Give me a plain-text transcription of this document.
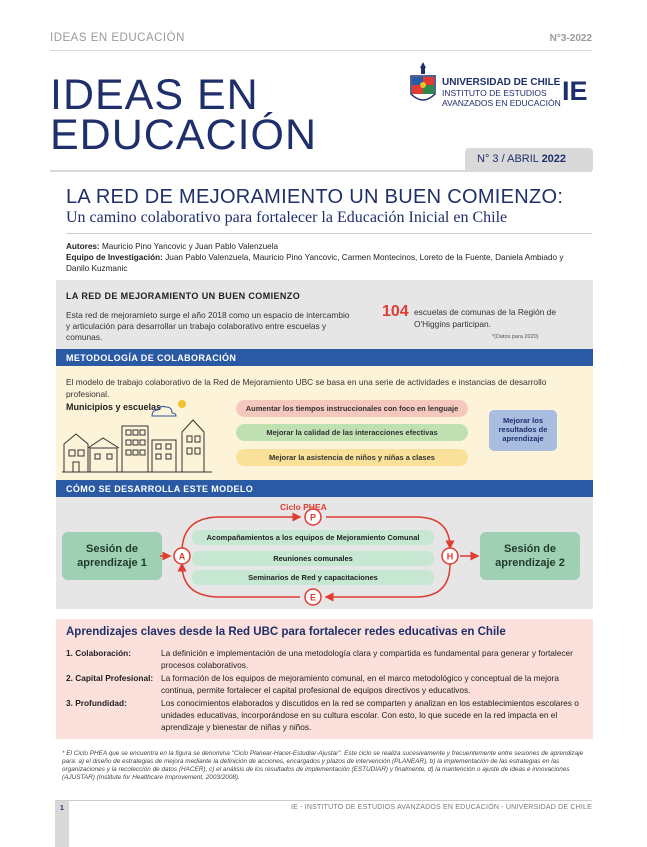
IDEAS EN EDUCACIÓN	N°3-2022
IDEAS EN
EDUCACIÓN
UNIVERSIDAD DE CHILE
INSTITUTO DE ESTUDIOS
AVANZADOS EN EDUCACIÓN IE
N° 3 / ABRIL 2022
LA RED DE MEJORAMIENTO UN BUEN COMIENZO:
Un camino colaborativo para fortalecer la Educación Inicial en Chile
Autores: Mauricio Pino Yancovic y Juan Pablo Valenzuela
Equipo de Investigación: Juan Pablo Valenzuela, Mauricio Pino Yancovic, Carmen Montecinos, Loreto de la Fuente, Daniela Ambiado y Danilo Kuzmanic
LA RED DE MEJORAMIENTO UN BUEN COMIENZO
Esta red de mejoramieto surge el año 2018 como un espacio de intercambio y articulación para desarrollar un trabajo colaborativo entre escuelas y comunas.
104 escuelas de comunas de la Región de O'Higgins participan.
*(Datos para 2020)
METODOLOGÍA DE COLABORACIÓN
El modelo de trabajo colaborativo de la Red de Mejoramiento UBC se basa en una serie de actividades e instancias de desarrollo profesional.
Municipios y escuelas	Aumentar los tiempos instruccionales con foco en lenguaje
Mejorar la calidad de las interacciones efectivas
Mejorar la asistencia de niños y niñas a clases
Mejorar los resultados de aprendizaje
CÓMO SE DESARROLLA ESTE MODELO
Sesión de aprendizaje 1
Sesión de aprendizaje 2
P
H
E
A
Ciclo PHEA
Acompañamientos a los equipos de Mejoramiento Comunal
Reuniones comunales
Seminarios de Red y capacitaciones
Aprendizajes claves desde la Red UBC para fortalecer redes educativas en Chile
1. Colaboración:	La definición e implementación de una metodología clara y compartida es fundamental para generar y fortalecer procesos colaborativos.
2. Capital Profesional: La formación de los equipos de mejoramiento comunal, en el marco metodológico y conceptual de la mejora continua, permite fortalecer el capital profesional de equipos directivos y educativos.
3. Profundidad:	Los conocimientos elaborados y discutidos en la red se comparten y analizan en los establecimientos escolares o unidades educativas, incorporándose en su cultura escolar. Con esto, lo que sucede en la red impacta en el aprendizaje y bienestar de niñas y niños.
* El Ciclo PHEA que se encuentra en la figura se denomina "Ciclo Planear-Hacer-Estudiar-Ajustar". Este ciclo se realiza sucesivamente y frecuentemente entre sesiones de aprendizaje para: a) el diseño de estrategias de mejora mediante la definición de acciones, encargados y plazos de intervención (PLANEAR), b) la implementación de las estrategias en las organizaciones y la recolección de datos (HACER), c) el análisis de los resultados de implementación (ESTUDIAR) y finalmente, d) la mantención o ajuste de ideas e innovaciones (AJUSTAR) (Institute for Healthcare Improvement, 2003/2008).
1	IE - INSTITUTO DE ESTUDIOS AVANZADOS EN EDUCACIÓN - UNIVERSIDAD DE CHILE
